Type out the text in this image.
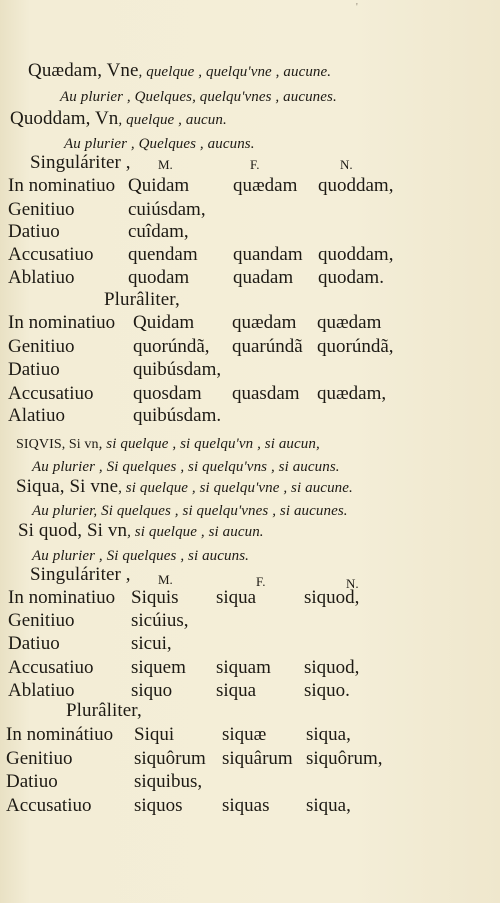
Quædam, Vne, quelque , quelqu'vne , aucune.
Au plurier , Quelques, quelqu'vnes , aucunes.
Quoddam, Vn, quelque , aucun.
Au plurier , Quelques , aucuns.
Singuláriter , M.	F.	N.
In nominatiuo Quidam quædam quoddam,
Genitiuo	cuiúsdam,
Datiuo	cuîdam,
Accusatiuo quendam quandam quoddam,
Ablatiuo	quodam quadam quodam.
In nominatiuo Quidam quædam quædam
Genitiuo	quorúndã, quarúndã quorúndã,
Datiuo	quibúsdam,
Accusatiuo quosdam quasdam quædam,
Alatiuo	quibúsdam.
Plurâliter,
SIQVIS, Si vn, si quelque , si quelqu'vn , si aucun,
Au plurier , Si quelques , si quelqu'vns , si aucuns.
Siqua, Si vne, si quelque , si quelqu'vne , si aucune.
Au plurier, Si quelques , si quelqu'vnes , si aucunes.
Si quod, Si vn, si quelque , si aucun.
Au plurier , Si quelques , si aucuns.
Singuláriter , M.	F.	N.
In nominatiuo Siquis siqua	siquod,
Genitiuo	sicúius,
Datiuo	sicui,
Accusatiuo siquem siquam siquod,
Ablatiuo	siquo siqua	siquo.
In nominátiuo Siqui	siquæ siqua,
Genitiuo	siquôrum siquârum siquôrum,
Datiuo	siquibus,
Accusatiuo siquos siquas siqua,
Plurâliter,
'
